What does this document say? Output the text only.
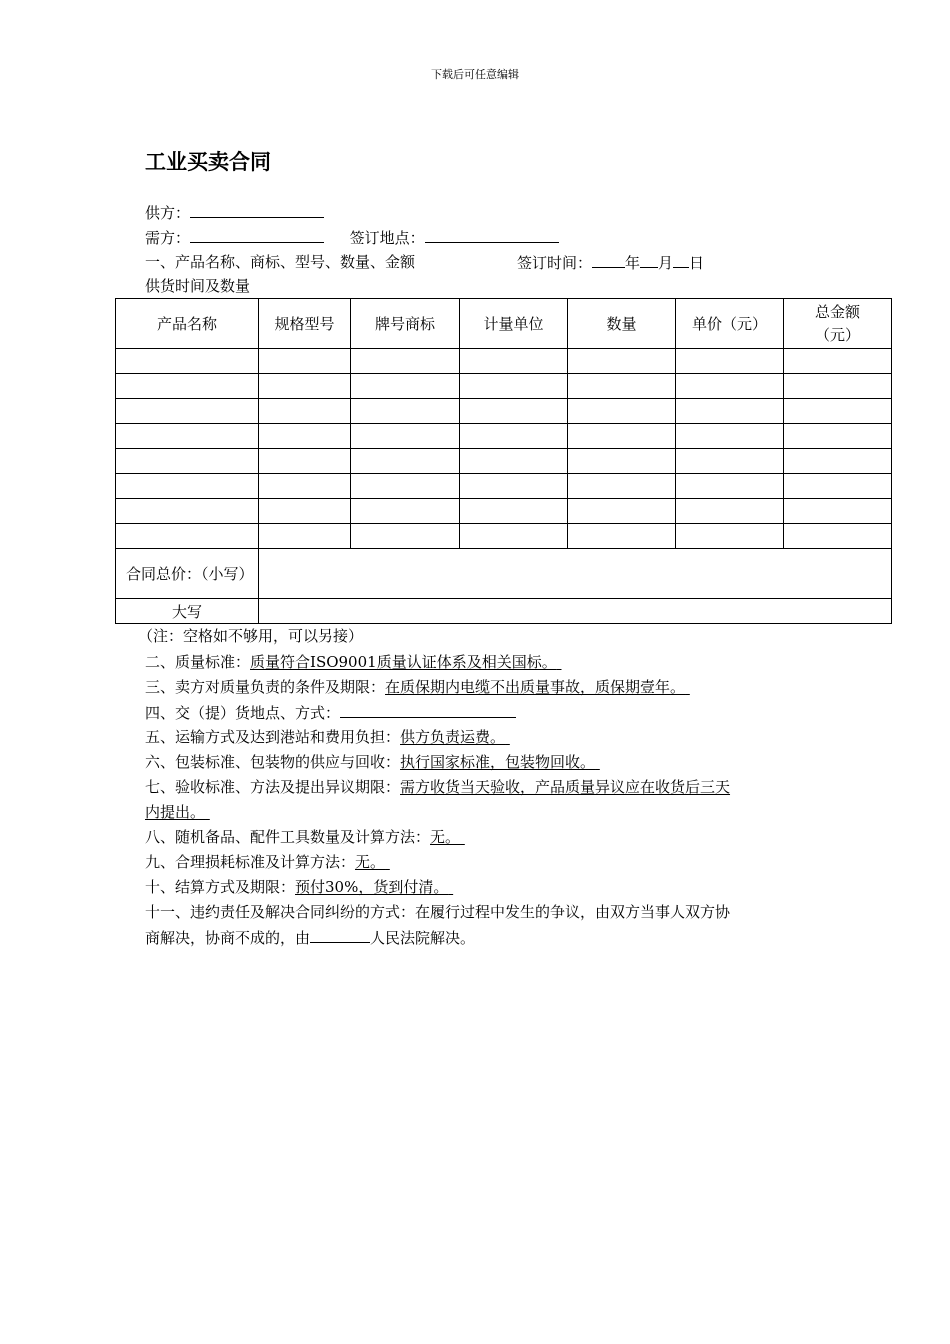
下载后可任意编辑
工业买卖合同
供方：
需方：	签订地点：
一、产品名称、商标、型号、数量、金额	签订时间： 年 月 日
供货时间及数量
产品名称	规格型号	牌号商标	计量单位	数量	单价（元）	总金额（元）

合同总价：（小写）						
大写						
（注：空格如不够用，可以另接）
二、质量标准：质量符合ISO9001质量认证体系及相关国标。
三、卖方对质量负责的条件及期限：在质保期内电缆不出质量事故，质保期壹年。
四、交（提）货地点、方式：
五、运输方式及达到港站和费用负担：供方负责运费。
六、包装标准、包装物的供应与回收：执行国家标准，包装物回收。
七、验收标准、方法及提出异议期限：需方收货当天验收，产品质量异议应在收货后三天
内提出。
八、随机备品、配件工具数量及计算方法：无。
九、合理损耗标准及计算方法：无。
十、结算方式及期限：预付30%，货到付清。
十一、违约责任及解决合同纠纷的方式：在履行过程中发生的争议，由双方当事人双方协
商解决，协商不成的，由	人民法院解决。
